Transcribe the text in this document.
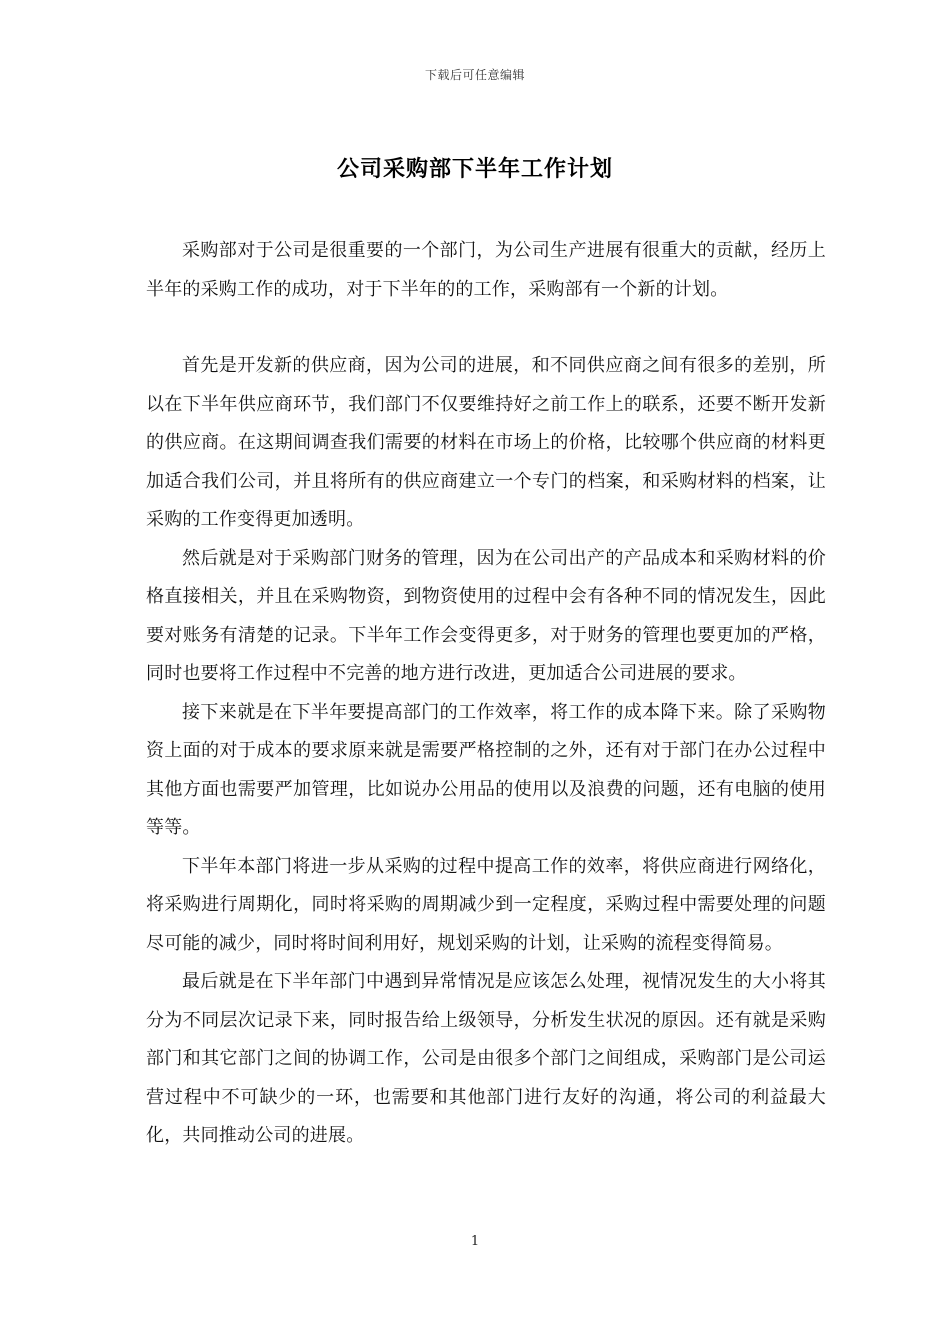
下载后可任意编辑
公司采购部下半年工作计划

采购部对于公司是很重要的一个部门，为公司生产进展有很重大的贡献，经历上半年的采购工作的成功，对于下半年的的工作，采购部有一个新的计划。

首先是开发新的供应商，因为公司的进展，和不同供应商之间有很多的差别，所以在下半年供应商环节，我们部门不仅要维持好之前工作上的联系，还要不断开发新的供应商。在这期间调查我们需要的材料在市场上的价格，比较哪个供应商的材料更加适合我们公司，并且将所有的供应商建立一个专门的档案，和采购材料的档案，让采购的工作变得更加透明。

然后就是对于采购部门财务的管理，因为在公司出产的产品成本和采购材料的价格直接相关，并且在采购物资，到物资使用的过程中会有各种不同的情况发生，因此要对账务有清楚的记录。下半年工作会变得更多，对于财务的管理也要更加的严格，同时也要将工作过程中不完善的地方进行改进，更加适合公司进展的要求。

接下来就是在下半年要提高部门的工作效率，将工作的成本降下来。除了采购物资上面的对于成本的要求原来就是需要严格控制的之外，还有对于部门在办公过程中其他方面也需要严加管理，比如说办公用品的使用以及浪费的问题，还有电脑的使用等等。

下半年本部门将进一步从采购的过程中提高工作的效率，将供应商进行网络化，将采购进行周期化，同时将采购的周期减少到一定程度，采购过程中需要处理的问题尽可能的减少，同时将时间利用好，规划采购的计划，让采购的流程变得简易。

最后就是在下半年部门中遇到异常情况是应该怎么处理，视情况发生的大小将其分为不同层次记录下来，同时报告给上级领导，分析发生状况的原因。还有就是采购部门和其它部门之间的协调工作，公司是由很多个部门之间组成，采购部门是公司运营过程中不可缺少的一环，也需要和其他部门进行友好的沟通，将公司的利益最大化，共同推动公司的进展。

1
